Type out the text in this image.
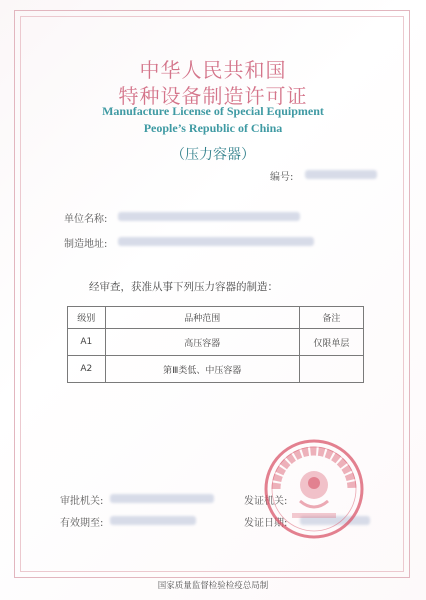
中华人民共和国
特种设备制造许可证
Manufacture License of Special Equipment
People’s Republic of China
（压力容器）
编号:
单位名称:
制造地址:
经审查，获准从事下列压力容器的制造：
级别	品种范围	备注
A1	高压容器	仅限单层
A2	第Ⅲ类低、中压容器	
审批机关:
有效期至:
发证机关:
发证日期:
国家质量监督检验检疫总局制
